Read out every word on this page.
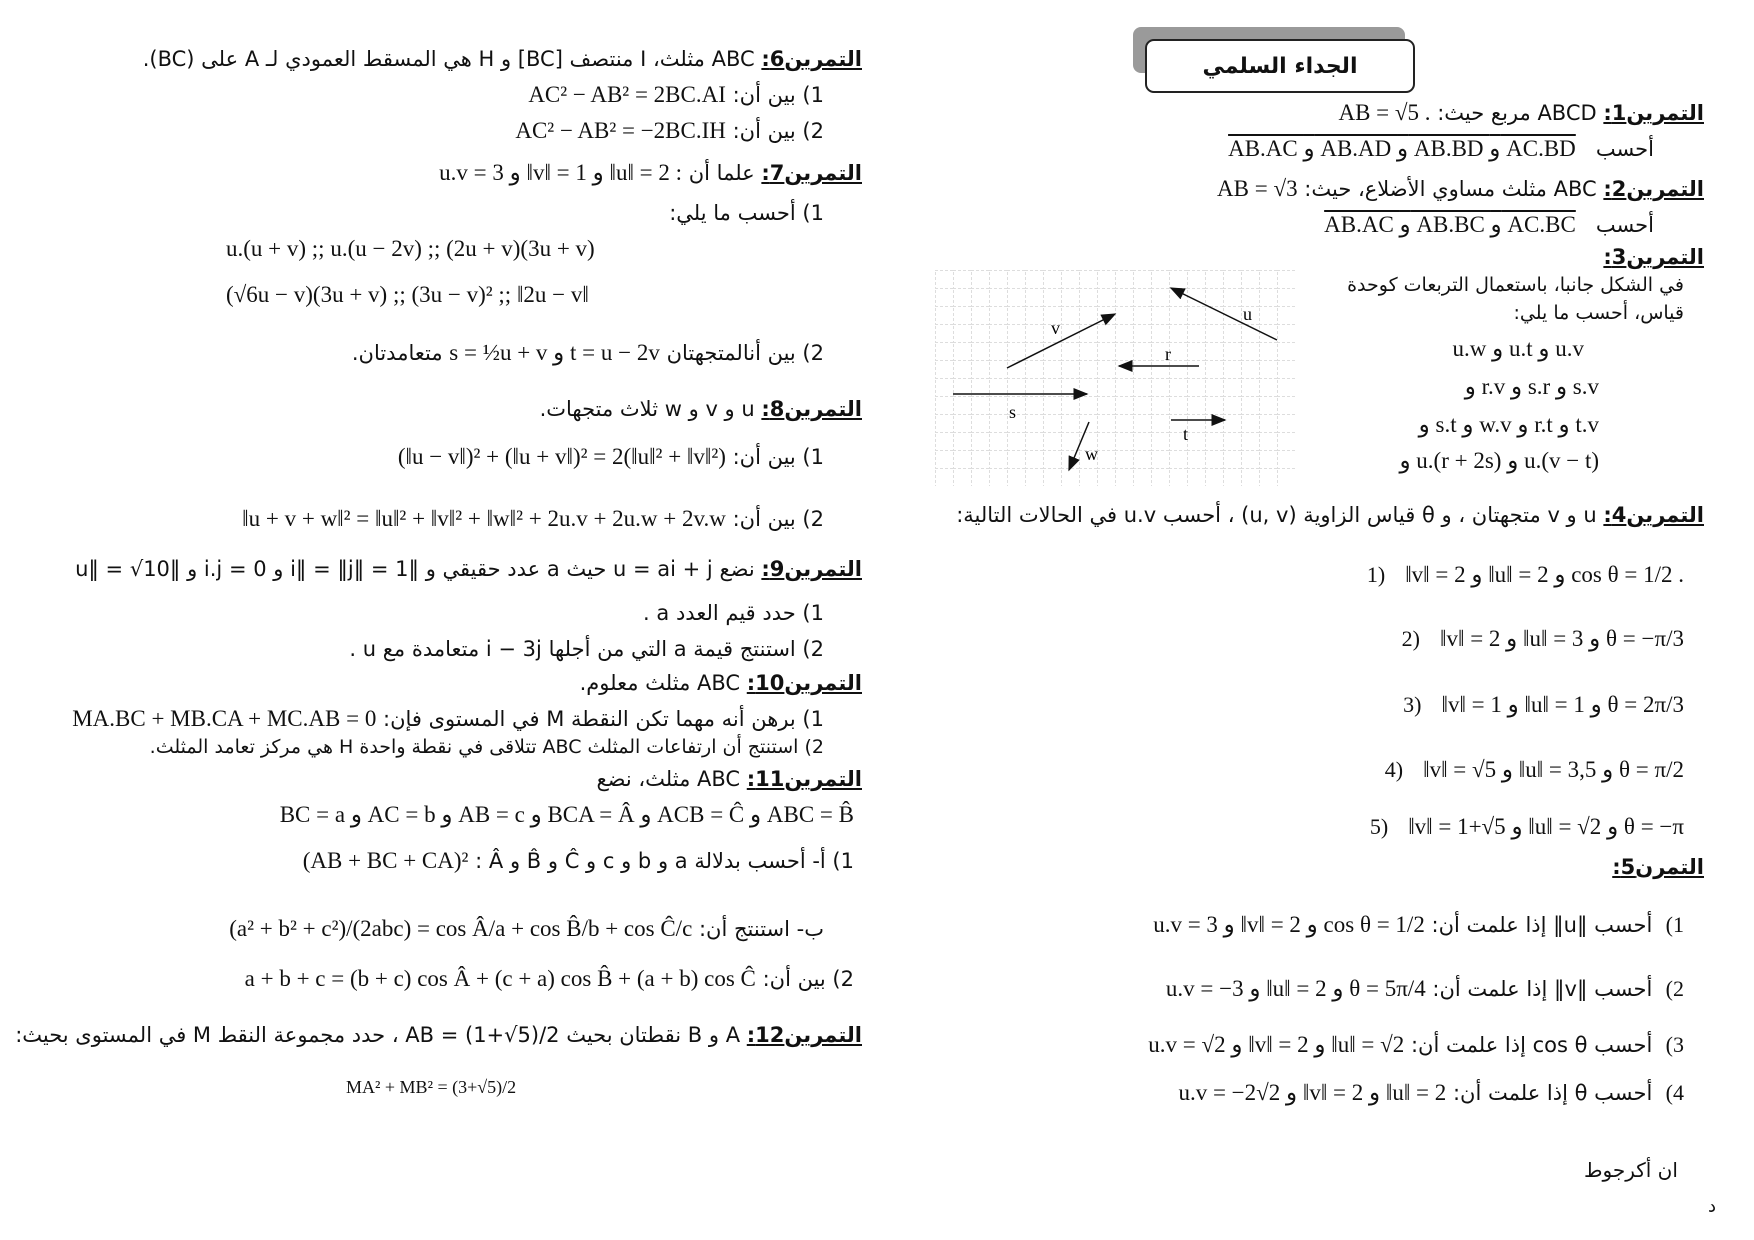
الجداء السلمي
التمرين1: ABCD مربع حيث: AB = √5 .
أحسب   AB.AC و AB.AD و AB.BD و AC.BD
التمرين2: ABC مثلث مساوي الأضلاع، حيث: AB = √3
أحسب   AB.AC و AB.BC و AC.BC
التمرين3:
في الشكل جانبا، باستعمال التربعات كوحدة
قياس، أحسب ما يلي:
u.w و u.t و u.v
و r.v و s.r و s.v
و s.t و w.v و r.t و t.v
و u.(r + 2s) و u.(v − t)
v
u
r
s
t
w
التمرين4: u و v متجهتان ، و θ قياس الزاوية (u, v) ، أحسب u.v في الحالات التالية:
1) ‖v‖ = 2 و ‖u‖ = 2 و cos θ = 1/2 .
2) ‖v‖ = 2 و ‖u‖ = 3 و θ = −π/3
3) ‖v‖ = 1 و ‖u‖ = 1 و θ = 2π/3
4) ‖v‖ = √5 و ‖u‖ = 3,5 و θ = π/2
5) ‖v‖ = 1+√5 و ‖u‖ = √2 و θ = −π
التمرن5:
1)  أحسب ‖u‖ إذا علمت أن: u.v = 3 و ‖v‖ = 2 و cos θ = 1/2
2)  أحسب ‖v‖ إذا علمت أن: u.v = −3 و ‖u‖ = 2 و θ = 5π/4
3)  أحسب cos θ إذا علمت أن: u.v = √2 و ‖v‖ = 2 و ‖u‖ = √2
4)  أحسب θ إذا علمت أن: u.v = −2√2 و ‖v‖ = 2 و ‖u‖ = 2
ان أكرجوط
د
التمرين6: ABC مثلث، I منتصف [BC] و H هي المسقط العمودي لـ A على (BC).
1) بين أن: AC² − AB² = 2BC.AI
2) بين أن: AC² − AB² = −2BC.IH
التمرين7: علما أن u.v = 3 و ‖v‖ = 1 و ‖u‖ = 2 :
1) أحسب ما يلي:
u.(u + v) ;; u.(u − 2v) ;; (2u + v)(3u + v)
(√6u − v)(3u + v) ;; (3u − v)² ;; ‖2u − v‖
2) بين أنالمتجهتان s = ½u + v و t = u − 2v متعامدتان.
التمرين8: u و v و w ثلاث متجهات.
1) بين أن: (‖u − v‖)² + (‖u + v‖)² = 2(‖u‖² + ‖v‖²)
2) بين أن: ‖u + v + w‖² = ‖u‖² + ‖v‖² + ‖w‖² + 2u.v + 2u.w + 2v.w
التمرين9: نضع u = ai + j حيث a عدد حقيقي و ‖i‖ = ‖j‖ = 1 و i.j = 0 و ‖u‖ = √10
1) حدد قيم العدد a .
2) استنتج قيمة a التي من أجلها i − 3j متعامدة مع u .
التمرين10: ABC مثلث معلوم.
1) برهن أنه مهما تكن النقطة M في المستوى فإن: MA.BC + MB.CA + MC.AB = 0
2) استنتج أن ارتفاعات المثلث ABC تتلاقى في نقطة واحدة H هي مركز تعامد المثلث.
التمرين11: ABC مثلث، نضع
BC = a و AC = b و AB = c و BCA = Â و ACB = Ĉ و ABC = B̂
1) أ- أحسب بدلالة a و b و c و Ĉ و B̂ و Â : (AB + BC + CA)²
ب- استنتج أن: (a² + b² + c²)/(2abc) = cos Â/a + cos B̂/b + cos Ĉ/c
2) بين أن: a + b + c = (b + c) cos Â + (c + a) cos B̂ + (a + b) cos Ĉ
التمرين12: A و B نقطتان بحيث AB = (1+√5)/2 ، حدد مجموعة النقط M في المستوى بحيث:
MA² + MB² = (3+√5)/2
